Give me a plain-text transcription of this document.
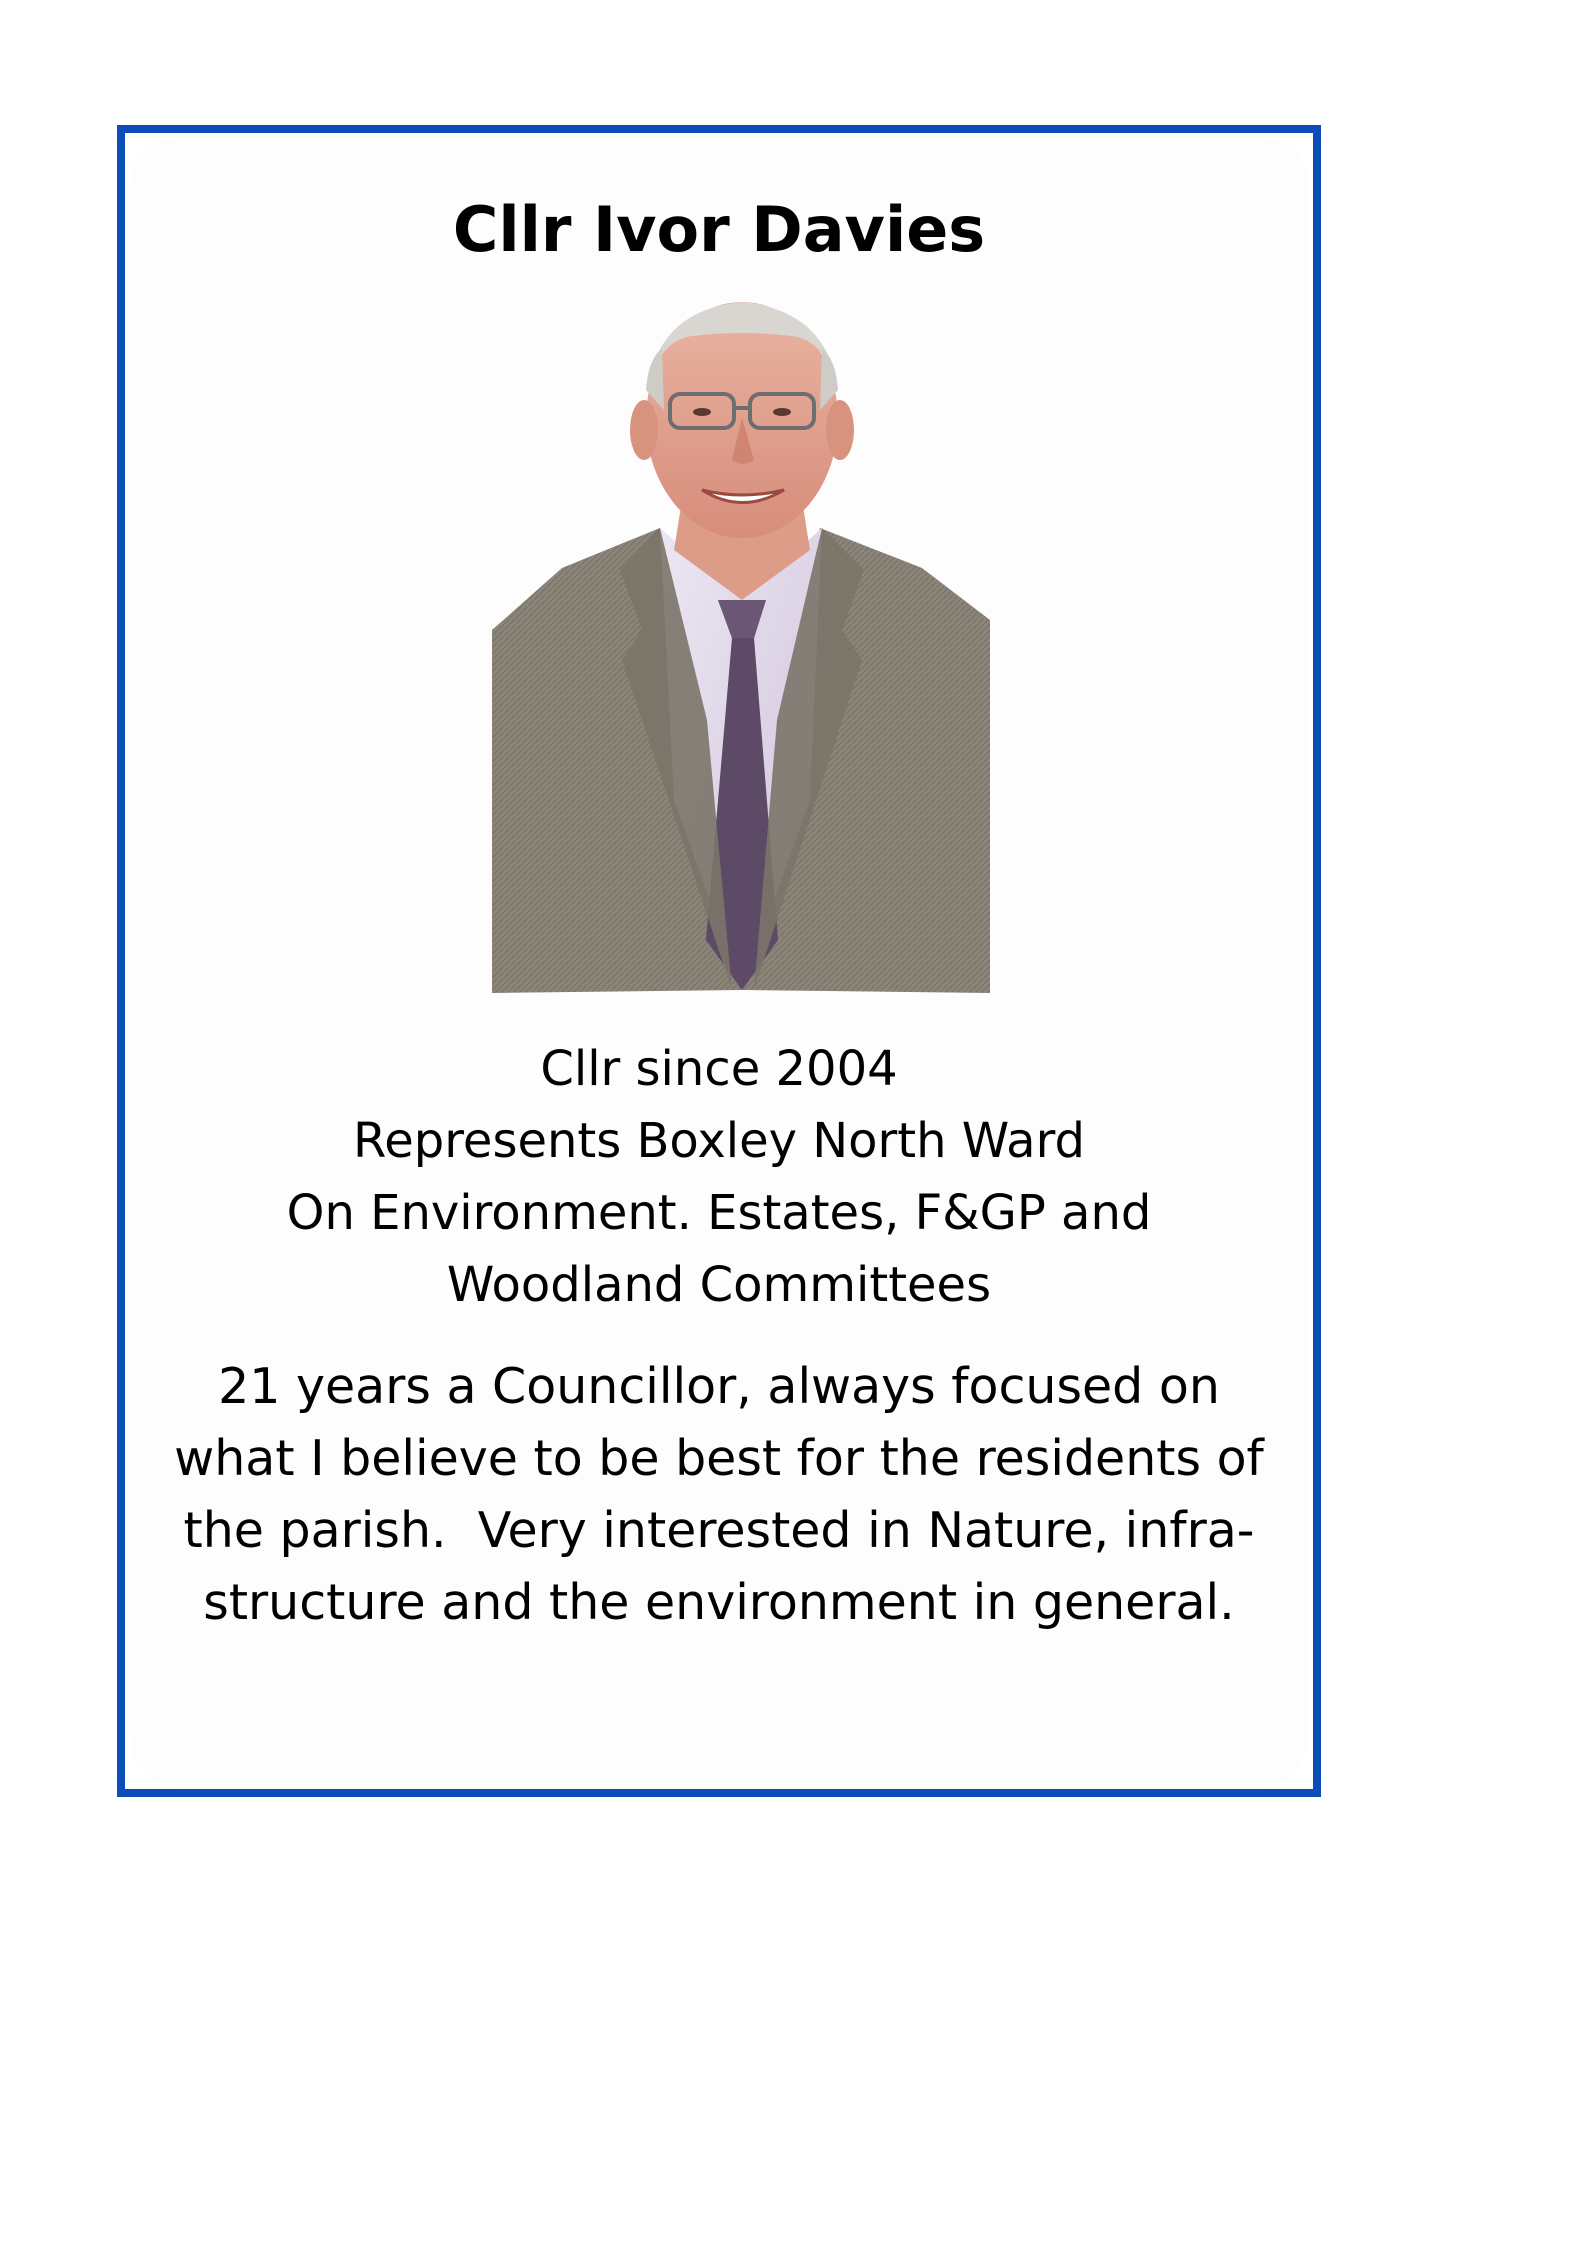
Cllr Ivor Davies
Cllr since 2004
Represents Boxley North Ward
On Environment. Estates, F&GP and
Woodland Committees
21 years a Councillor, always focused on what I believe to be best for the residents of the parish.  Very interested in Nature, infra-structure and the environment in general.
